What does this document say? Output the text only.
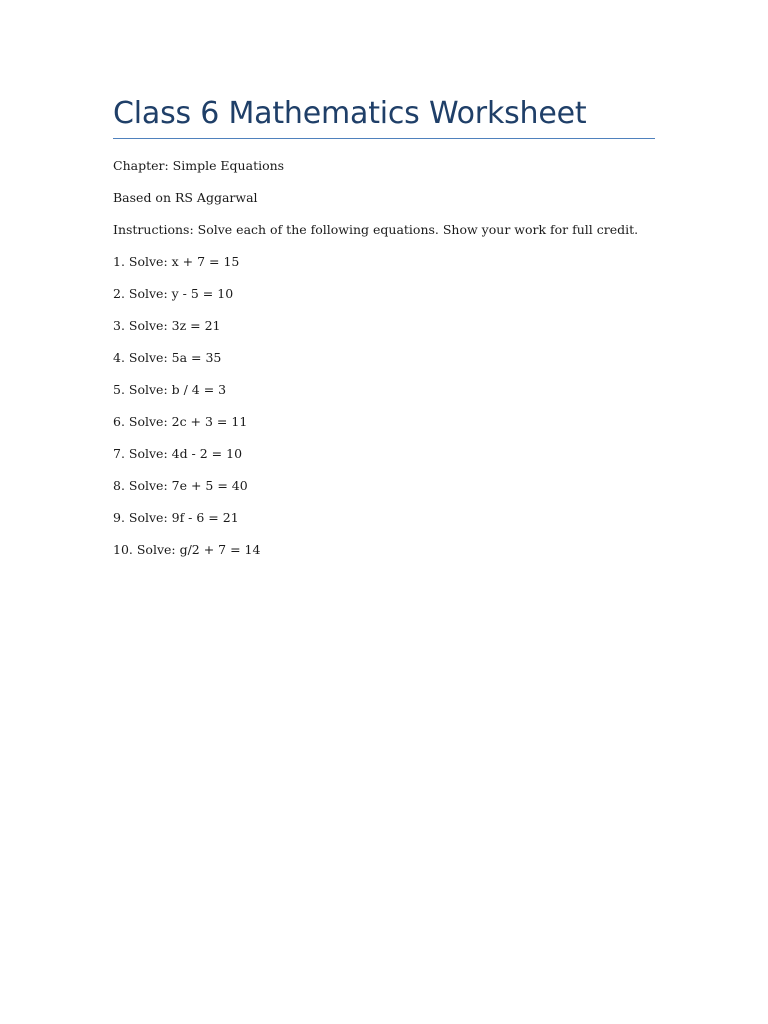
Class 6 Mathematics Worksheet

Chapter: Simple Equations

Based on RS Aggarwal

Instructions: Solve each of the following equations. Show your work for full credit.

1. Solve: x + 7 = 15

2. Solve: y - 5 = 10

3. Solve: 3z = 21

4. Solve: 5a = 35

5. Solve: b / 4 = 3

6. Solve: 2c + 3 = 11

7. Solve: 4d - 2 = 10

8. Solve: 7e + 5 = 40

9. Solve: 9f - 6 = 21

10. Solve: g/2 + 7 = 14
